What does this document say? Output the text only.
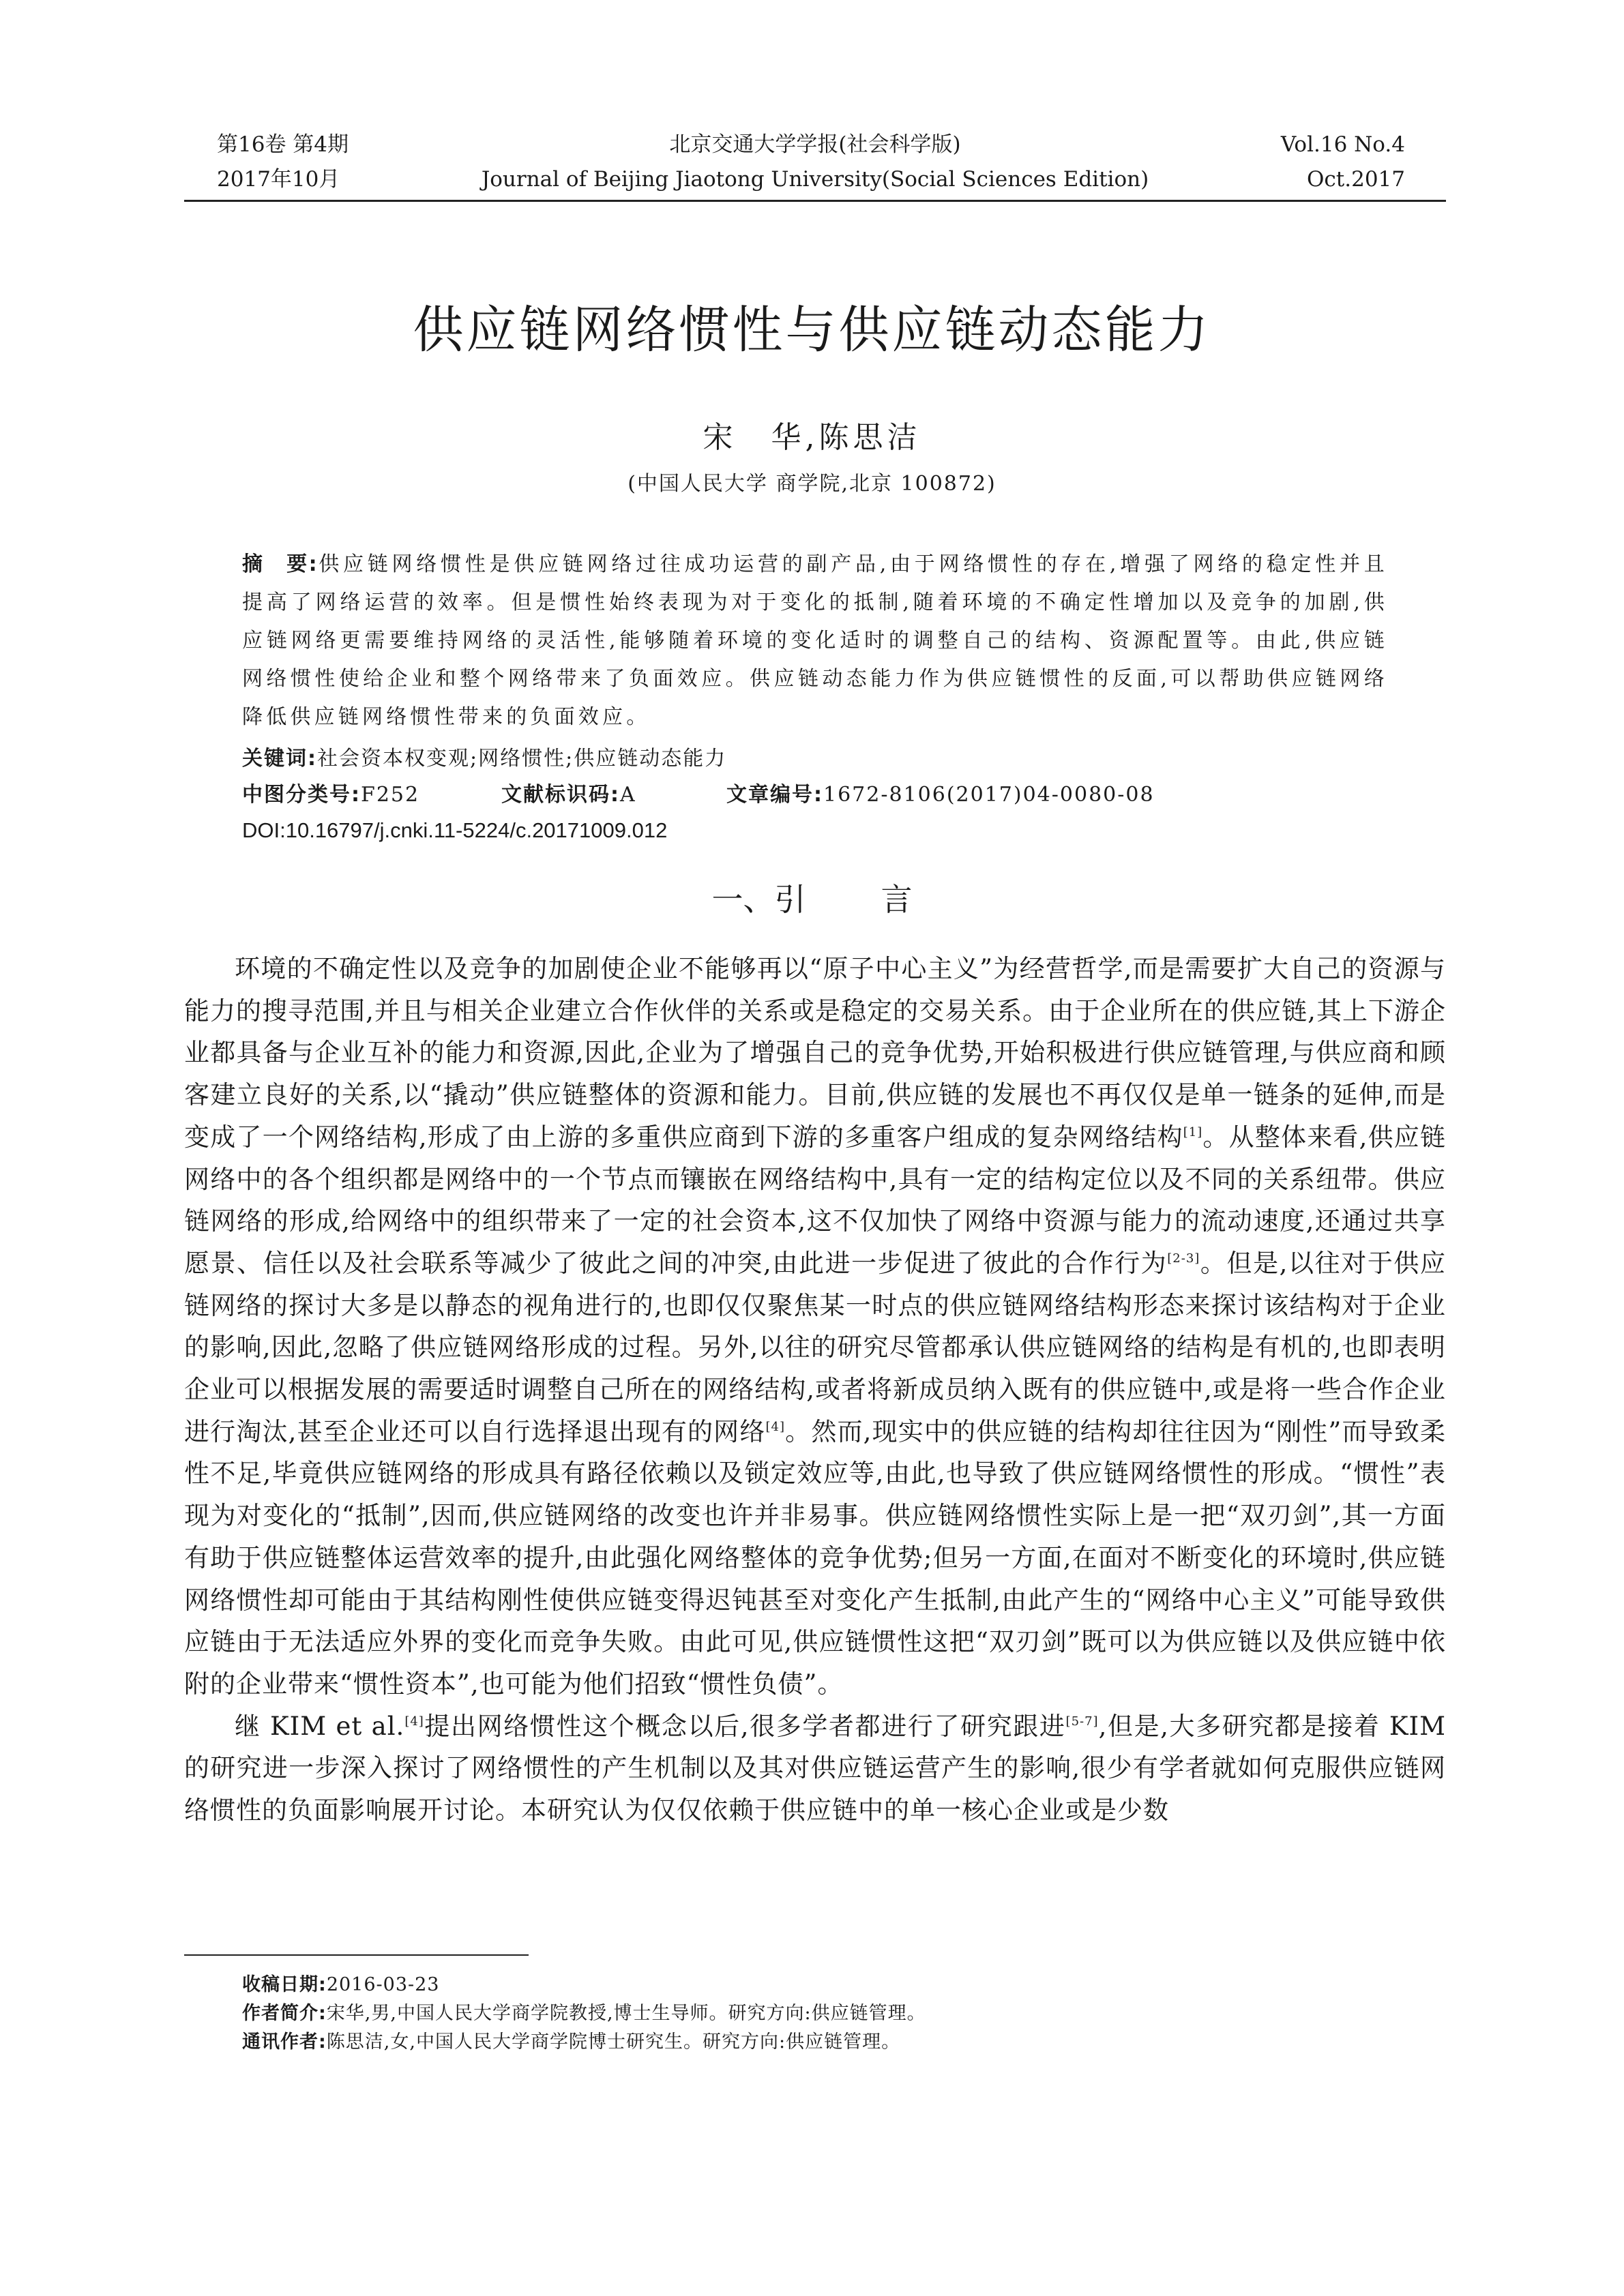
第16卷 第4期	北京交通大学学报(社会科学版)	Vol.16 No.4
2017年10月	Journal of Beijing Jiaotong University(Social Sciences Edition)	Oct.2017
供应链网络惯性与供应链动态能力
宋　华,陈思洁
(中国人民大学 商学院,北京 100872)
摘　要:供应链网络惯性是供应链网络过往成功运营的副产品,由于网络惯性的存在,增强了网络的稳定性并且提高了网络运营的效率。但是惯性始终表现为对于变化的抵制,随着环境的不确定性增加以及竞争的加剧,供应链网络更需要维持网络的灵活性,能够随着环境的变化适时的调整自己的结构、资源配置等。由此,供应链网络惯性使给企业和整个网络带来了负面效应。供应链动态能力作为供应链惯性的反面,可以帮助供应链网络降低供应链网络惯性带来的负面效应。
关键词:社会资本权变观;网络惯性;供应链动态能力
中图分类号:F252	文献标识码:A	文章编号:1672-8106(2017)04-0080-08
DOI:10.16797/j.cnki.11-5224/c.20171009.012
一、引 言

环境的不确定性以及竞争的加剧使企业不能够再以“原子中心主义”为经营哲学,而是需要扩大自己的资源与能力的搜寻范围,并且与相关企业建立合作伙伴的关系或是稳定的交易关系。由于企业所在的供应链,其上下游企业都具备与企业互补的能力和资源,因此,企业为了增强自己的竞争优势,开始积极进行供应链管理,与供应商和顾客建立良好的关系,以“撬动”供应链整体的资源和能力。目前,供应链的发展也不再仅仅是单一链条的延伸,而是变成了一个网络结构,形成了由上游的多重供应商到下游的多重客户组成的复杂网络结构[1]。从整体来看,供应链网络中的各个组织都是网络中的一个节点而镶嵌在网络结构中,具有一定的结构定位以及不同的关系纽带。供应链网络的形成,给网络中的组织带来了一定的社会资本,这不仅加快了网络中资源与能力的流动速度,还通过共享愿景、信任以及社会联系等减少了彼此之间的冲突,由此进一步促进了彼此的合作行为[2-3]。但是,以往对于供应链网络的探讨大多是以静态的视角进行的,也即仅仅聚焦某一时点的供应链网络结构形态来探讨该结构对于企业的影响,因此,忽略了供应链网络形成的过程。另外,以往的研究尽管都承认供应链网络的结构是有机的,也即表明企业可以根据发展的需要适时调整自己所在的网络结构,或者将新成员纳入既有的供应链中,或是将一些合作企业进行淘汰,甚至企业还可以自行选择退出现有的网络[4]。然而,现实中的供应链的结构却往往因为“刚性”而导致柔性不足,毕竟供应链网络的形成具有路径依赖以及锁定效应等,由此,也导致了供应链网络惯性的形成。“惯性”表现为对变化的“抵制”,因而,供应链网络的改变也许并非易事。供应链网络惯性实际上是一把“双刃剑”,其一方面有助于供应链整体运营效率的提升,由此强化网络整体的竞争优势;但另一方面,在面对不断变化的环境时,供应链网络惯性却可能由于其结构刚性使供应链变得迟钝甚至对变化产生抵制,由此产生的“网络中心主义”可能导致供应链由于无法适应外界的变化而竞争失败。由此可见,供应链惯性这把“双刃剑”既可以为供应链以及供应链中依附的企业带来“惯性资本”,也可能为他们招致“惯性负债”。

继 KIM et al.[4]提出网络惯性这个概念以后,很多学者都进行了研究跟进[5-7],但是,大多研究都是接着 KIM 的研究进一步深入探讨了网络惯性的产生机制以及其对供应链运营产生的影响,很少有学者就如何克服供应链网络惯性的负面影响展开讨论。本研究认为仅仅依赖于供应链中的单一核心企业或是少数

收稿日期:2016-03-23
作者简介:宋华,男,中国人民大学商学院教授,博士生导师。研究方向:供应链管理。
通讯作者:陈思洁,女,中国人民大学商学院博士研究生。研究方向:供应链管理。
